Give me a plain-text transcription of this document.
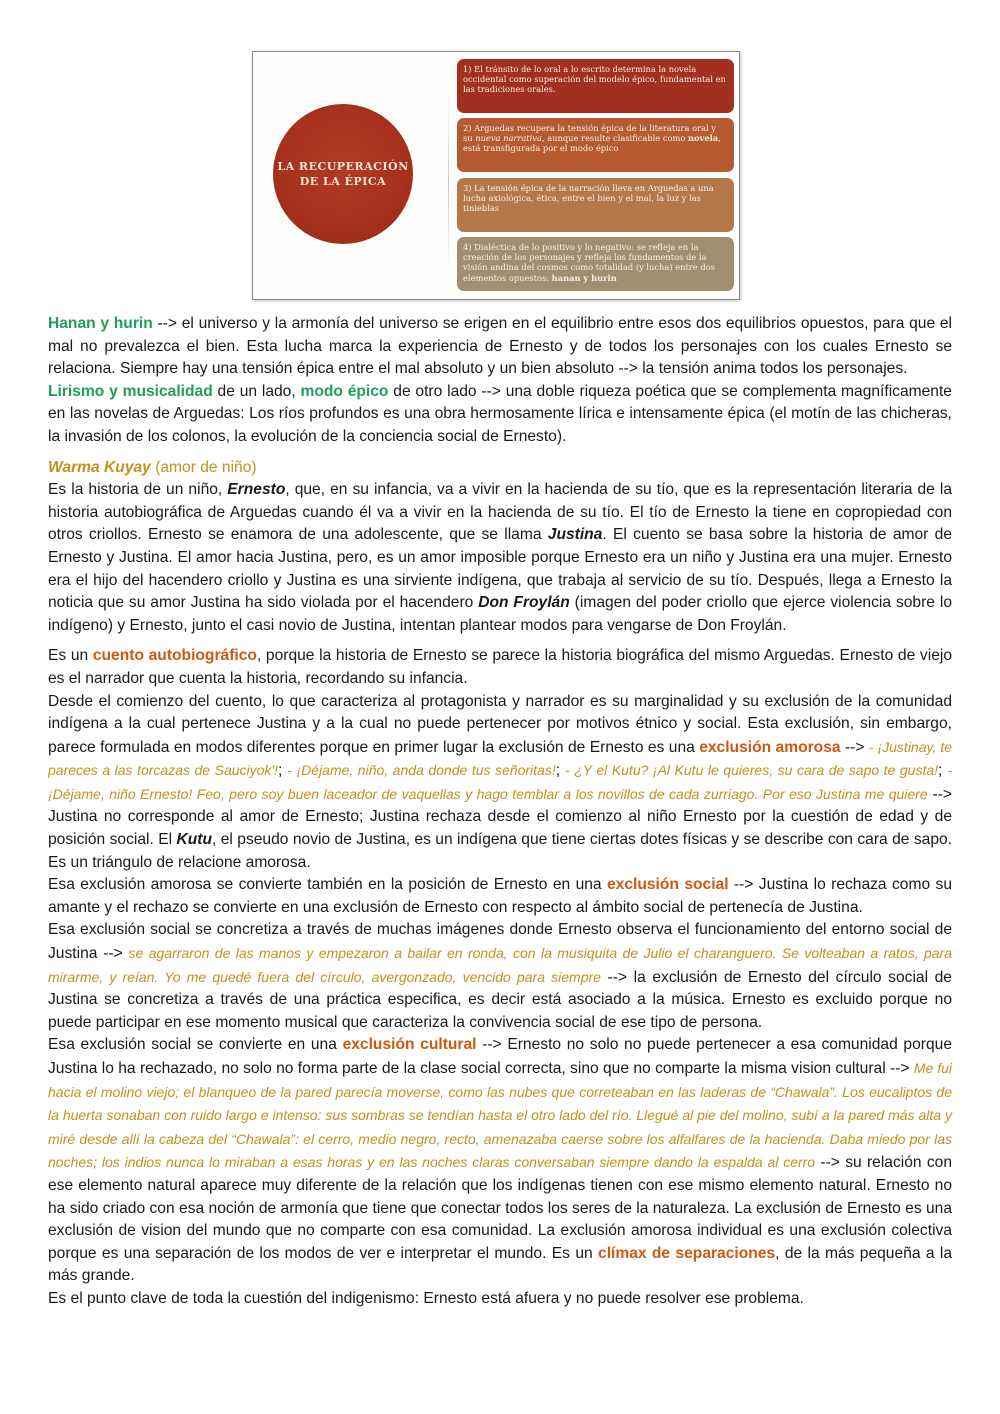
LA RECUPERACIÓN
DE LA ÉPICA
1) El tránsito de lo oral a lo escrito determina la novela occidental como superación del modelo épico, fundamental en las tradiciones orales.
2) Arguedas recupera la tensión épica de la literatura oral y su nueva narrativa, aunque resulte clasificable como novela, está transfigurada por el modo épico
3) La tensión épica de la narración lleva en Arguedas a una lucha axiológica, ética, entre el bien y el mal, la luz y las tinieblas
4) Dialéctica de lo positivo y lo negativo: se refleja en la creación de los personajes y refleja los fundamentos de la visión andina del cosmos como totalidad (y lucha) entre dos elementos opuestos: hanan y hurin

Hanan y hurin --> el universo y la armonía del universo se erigen en el equilibrio entre esos dos equilibrios opuestos, para que el mal no prevalezca el bien. Esta lucha marca la experiencia de Ernesto y de todos los personajes con los cuales Ernesto se relaciona. Siempre hay una tensión épica entre el mal absoluto y un bien absoluto --> la tensión anima todos los personajes.

Lirismo y musicalidad de un lado, modo épico de otro lado --> una doble riqueza poética que se complementa magníficamente en las novelas de Arguedas: Los ríos profundos es una obra hermosamente lírica e intensamente épica (el motín de las chicheras, la invasión de los colonos, la evolución de la conciencia social de Ernesto).

Warma Kuyay (amor de niño)

Es la historia de un niño, Ernesto, que, en su infancia, va a vivir en la hacienda de su tío, que es la representación literaria de la historia autobiográfica de Arguedas cuando él va a vivir en la hacienda de su tío. El tío de Ernesto la tiene en copropiedad con otros criollos. Ernesto se enamora de una adolescente, que se llama Justina. El cuento se basa sobre la historia de amor de Ernesto y Justina. El amor hacia Justina, pero, es un amor imposible porque Ernesto era un niño y Justina era una mujer. Ernesto era el hijo del hacendero criollo y Justina es una sirviente indígena, que trabaja al servicio de su tío. Después, llega a Ernesto la noticia que su amor Justina ha sido violada por el hacendero Don Froylán (imagen del poder criollo que ejerce violencia sobre lo indígeno) y Ernesto, junto el casi novio de Justina, intentan plantear modos para vengarse de Don Froylán.

Es un cuento autobiográfico, porque la historia de Ernesto se parece la historia biográfica del mismo Arguedas. Ernesto de viejo es el narrador que cuenta la historia, recordando su infancia.

Desde el comienzo del cuento, lo que caracteriza al protagonista y narrador es su marginalidad y su exclusión de la comunidad indígena a la cual pertenece Justina y a la cual no puede pertenecer por motivos étnico y social. Esta exclusión, sin embargo, parece formulada en modos diferentes porque en primer lugar la exclusión de Ernesto es una exclusión amorosa --> - ¡Justinay, te pareces a las torcazas de Sauciyok'!; - ¡Déjame, niño, anda donde tus señoritas!; - ¿Y el Kutu? ¡Al Kutu le quieres, su cara de sapo te gusta!; - ¡Déjame, niño Ernesto! Feo, pero soy buen laceador de vaquellas y hago temblar a los novillos de cada zurriago. Por eso Justina me quiere --> Justina no corresponde al amor de Ernesto; Justina rechaza desde el comienzo al niño Ernesto por la cuestión de edad y de posición social. El Kutu, el pseudo novio de Justina, es un indígena que tiene ciertas dotes físicas y se describe con cara de sapo. Es un triángulo de relacione amorosa.

Esa exclusión amorosa se convierte también en la posición de Ernesto en una exclusión social --> Justina lo rechaza como su amante y el rechazo se convierte en una exclusión de Ernesto con respecto al ámbito social de pertenecía de Justina.

Esa exclusión social se concretiza a través de muchas imágenes donde Ernesto observa el funcionamiento del entorno social de Justina --> se agarraron de las manos y empezaron a bailar en ronda, con la musiquita de Julio el charanguero. Se volteaban a ratos, para mirarme, y reían. Yo me quedé fuera del círculo, avergonzado, vencido para siempre --> la exclusión de Ernesto del círculo social de Justina se concretiza a través de una práctica especifica, es decir está asociado a la música. Ernesto es excluido porque no puede participar en ese momento musical que caracteriza la convivencia social de ese tipo de persona.

Esa exclusión social se convierte en una exclusión cultural --> Ernesto no solo no puede pertenecer a esa comunidad porque Justina lo ha rechazado, no solo no forma parte de la clase social correcta, sino que no comparte la misma vision cultural --> Me fui hacia el molino viejo; el blanqueo de la pared parecía moverse, como las nubes que correteaban en las laderas de “Chawala”. Los eucaliptos de la huerta sonaban con ruido largo e intenso: sus sombras se tendían hasta el otro lado del río. Llegué al pie del molino, subí a la pared más alta y miré desde allí la cabeza del “Chawala”: el cerro, medio negro, recto, amenazaba caerse sobre los alfalfares de la hacienda. Daba miedo por las noches; los indios nunca lo miraban a esas horas y en las noches claras conversaban siempre dando la espalda al cerro --> su relación con ese elemento natural aparece muy diferente de la relación que los indígenas tienen con ese mismo elemento natural. Ernesto no ha sido criado con esa noción de armonía que tiene que conectar todos los seres de la naturaleza. La exclusión de Ernesto es una exclusión de vision del mundo que no comparte con esa comunidad. La exclusión amorosa individual es una exclusión colectiva porque es una separación de los modos de ver e interpretar el mundo. Es un clímax de separaciones, de la más pequeña a la más grande.

Es el punto clave de toda la cuestión del indigenismo: Ernesto está afuera y no puede resolver ese problema.
